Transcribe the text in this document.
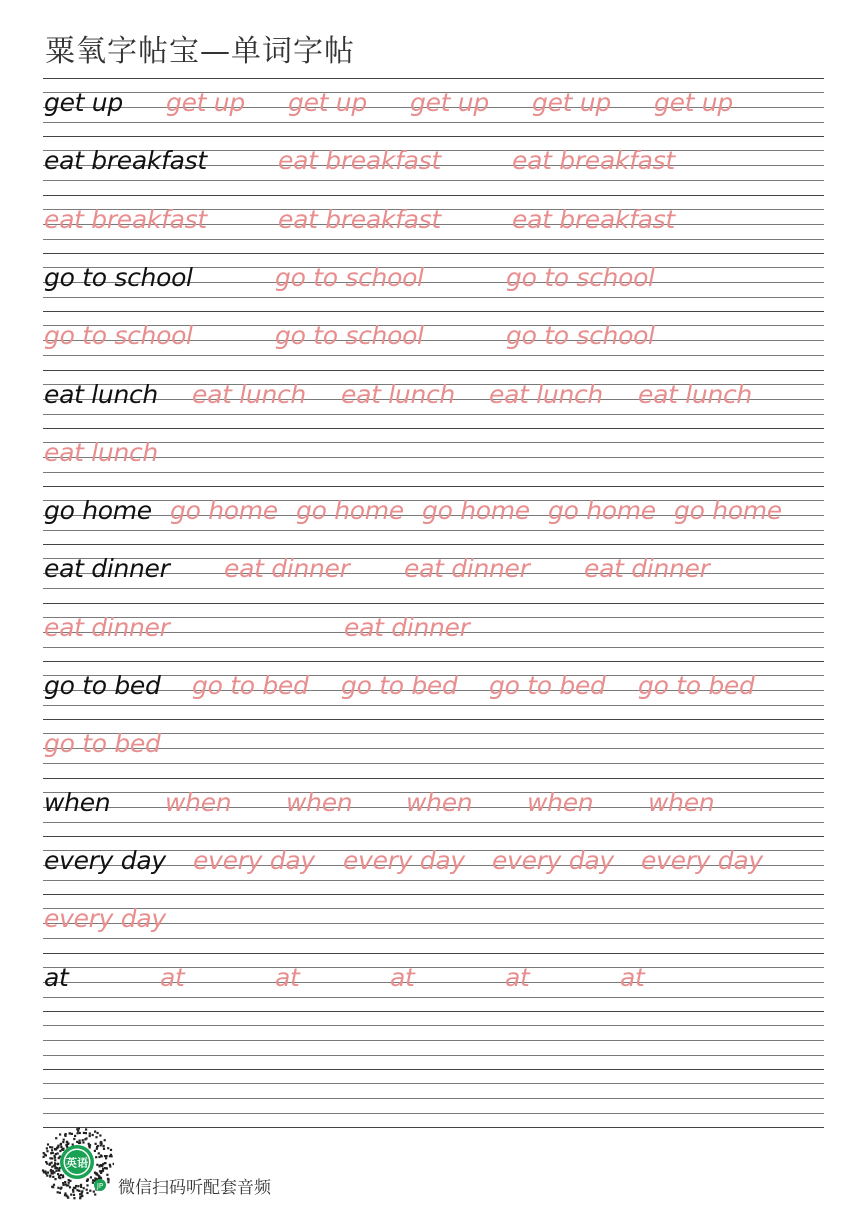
粟氧字帖宝—单词字帖
get up get up get up get up get up get up
eat breakfast	eat breakfast	eat breakfast
eat breakfast	eat breakfast	eat breakfast
go to school	go to school	go to school
go to school	go to school	go to school
eat lunch eat lunch eat lunch eat lunch eat lunch
eat lunch
go home go home go home go home go home go home
eat dinner eat dinner eat dinner eat dinner
eat dinner	eat dinner
go to bed go to bed go to bed go to bed go to bed
go to bed
when when when when when when
every day every day every day every day every day
every day
at	at	at	at	at	at
英语
JP 微信扫码听配套音频
